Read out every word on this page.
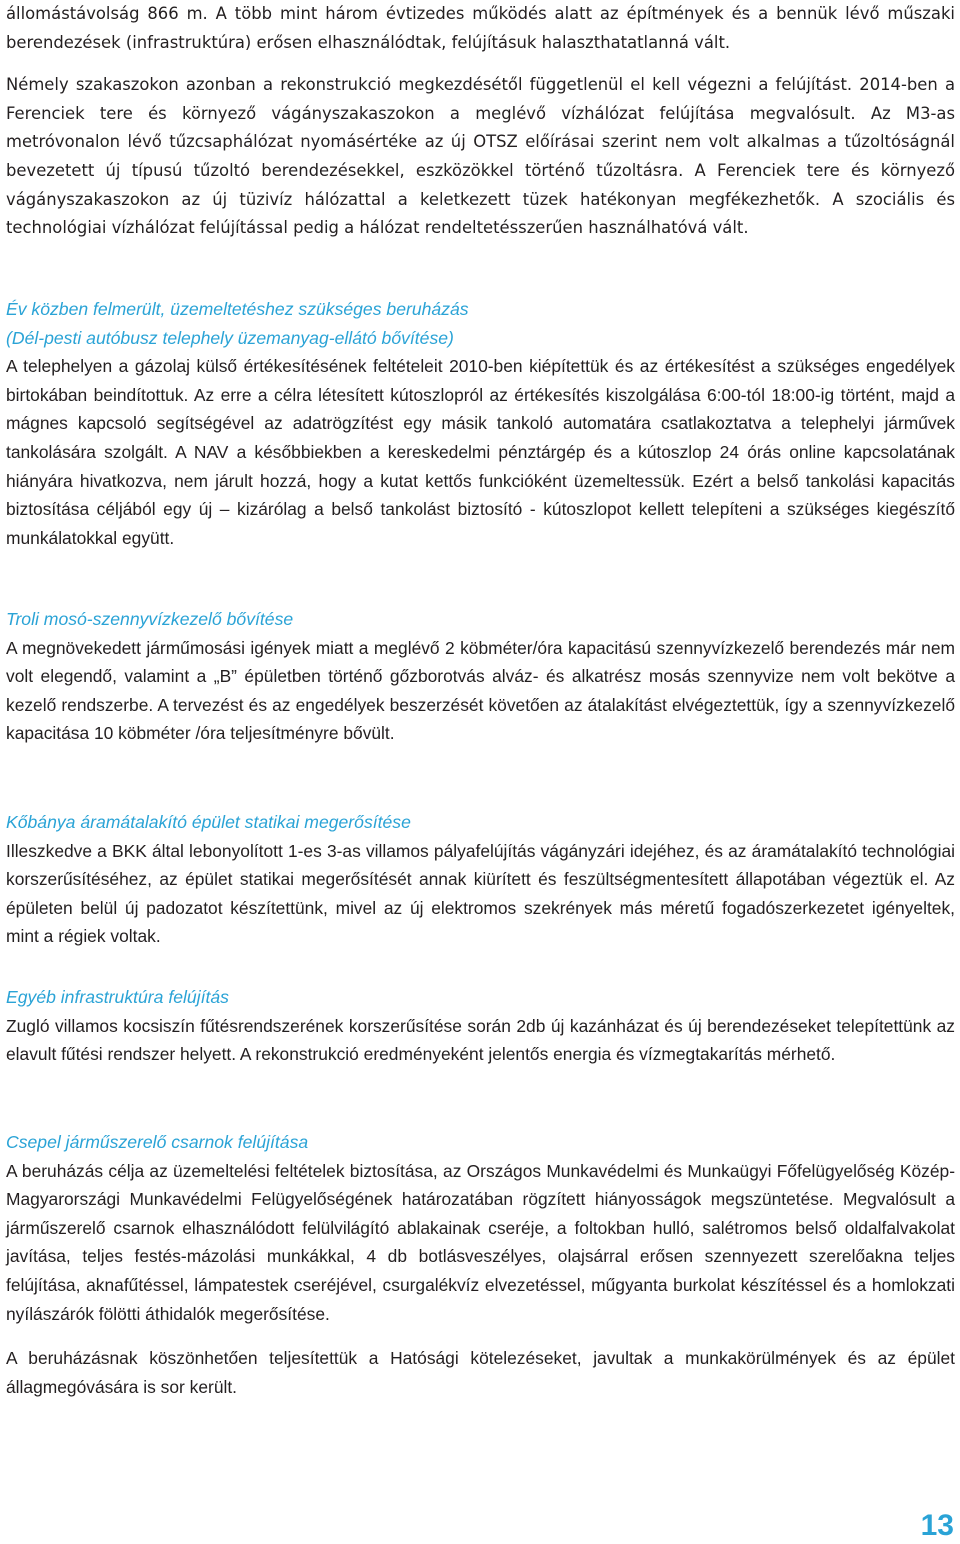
állomástávolság 866 m. A több mint három évtizedes működés alatt az építmények és a bennük lévő műszaki berendezések (infrastruktúra) erősen elhasználódtak, felújításuk halaszthatatlanná vált.

Némely szakaszokon azonban a rekonstrukció megkezdésétől függetlenül el kell végezni a felújítást. 2014-ben a Ferenciek tere és környező vágányszakaszokon a meglévő vízhálózat felújítása megvalósult. Az M3-as metróvonalon lévő tűzcsaphálózat nyomásértéke az új OTSZ előírásai szerint nem volt alkalmas a tűzoltóságnál bevezetett új típusú tűzoltó berendezésekkel, eszközökkel történő tűzoltásra. A Ferenciek tere és környező vágányszakaszokon az új tüzivíz hálózattal a keletkezett tüzek hatékonyan megfékezhetők. A szociális és technológiai vízhálózat felújítással pedig a hálózat rendeltetésszerűen használhatóvá vált.

Év közben felmerült, üzemeltetéshez szükséges beruházás
(Dél-pesti autóbusz telephely üzemanyag-ellátó bővítése)

A telephelyen a gázolaj külső értékesítésének feltételeit 2010-ben kiépítettük és az értékesítést a szükséges engedélyek birtokában beindítottuk. Az erre a célra létesített kútoszlopról az értékesítés kiszolgálása 6:00-tól 18:00-ig történt, majd a mágnes kapcsoló segítségével az adatrögzítést egy másik tankoló automatára csatlakoztatva a telephelyi járművek tankolására szolgált. A NAV a későbbiekben a kereskedelmi pénztárgép és a kútoszlop 24 órás online kapcsolatának hiányára hivatkozva, nem járult hozzá, hogy a kutat kettős funkcióként üzemeltessük. Ezért a belső tankolási kapacitás biztosítása céljából egy új – kizárólag a belső tankolást biztosító - kútoszlopot kellett telepíteni a szükséges kiegészítő munkálatokkal együtt.

Troli mosó-szennyvízkezelő bővítése

A megnövekedett járműmosási igények miatt a meglévő 2 köbméter/óra kapacitású szennyvízkezelő berendezés már nem volt elegendő, valamint a „B” épületben történő gőzborotvás alváz- és alkatrész mosás szennyvize nem volt bekötve a kezelő rendszerbe. A tervezést és az engedélyek beszerzését követően az átalakítást elvégeztettük, így a szennyvízkezelő kapacitása 10 köbméter /óra teljesítményre bővült.

Kőbánya áramátalakító épület statikai megerősítése

Illeszkedve a BKK által lebonyolított 1-es 3-as villamos pályafelújítás vágányzári idejéhez, és az áramátalakító technológiai korszerűsítéséhez, az épület statikai megerősítését annak kiürített és feszültségmentesített állapotában végeztük el. Az épületen belül új padozatot készítettünk, mivel az új elektromos szekrények más méretű fogadószerkezetet igényeltek, mint a régiek voltak.

Egyéb infrastruktúra felújítás

Zugló villamos kocsiszín fűtésrendszerének korszerűsítése során 2db új kazánházat és új berendezéseket telepítettünk az elavult fűtési rendszer helyett. A rekonstrukció eredményeként jelentős energia és vízmegtakarítás mérhető.

Csepel járműszerelő csarnok felújítása

A beruházás célja az üzemeltelési feltételek biztosítása, az Országos Munkavédelmi és Munkaügyi Főfelügyelőség Közép-Magyarországi Munkavédelmi Felügyelőségének határozatában rögzített hiányosságok megszüntetése. Megvalósult a járműszerelő csarnok elhasználódott felülvilágító ablakainak cseréje, a foltokban hulló, salétromos belső oldalfalvakolat javítása, teljes festés-mázolási munkákkal, 4 db botlásveszélyes, olajsárral erősen szennyezett szerelőakna teljes felújítása, aknafűtéssel, lámpatestek cseréjével, csurgalékvíz elvezetéssel, műgyanta burkolat készítéssel és a homlokzati nyílászárók fölötti áthidalók megerősítése.

A beruházásnak köszönhetően teljesítettük a Hatósági kötelezéseket, javultak a munkakörülmények és az épület állagmegóvására is sor került.

13
